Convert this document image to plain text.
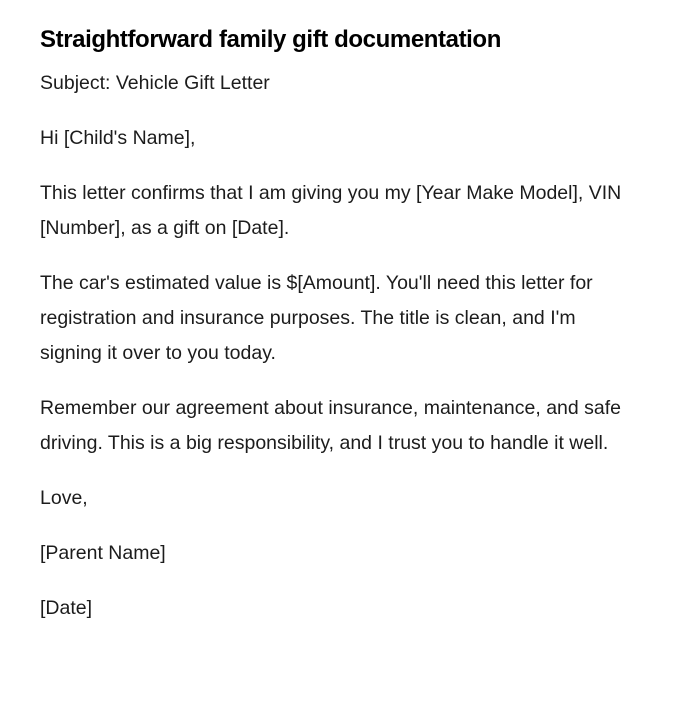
Straightforward family gift documentation

Subject: Vehicle Gift Letter

Hi [Child's Name],

This letter confirms that I am giving you my [Year Make Model], VIN [Number], as a gift on [Date].

The car's estimated value is $[Amount]. You'll need this letter for registration and insurance purposes. The title is clean, and I'm signing it over to you today.

Remember our agreement about insurance, maintenance, and safe driving. This is a big responsibility, and I trust you to handle it well.

Love,

[Parent Name]

[Date]
